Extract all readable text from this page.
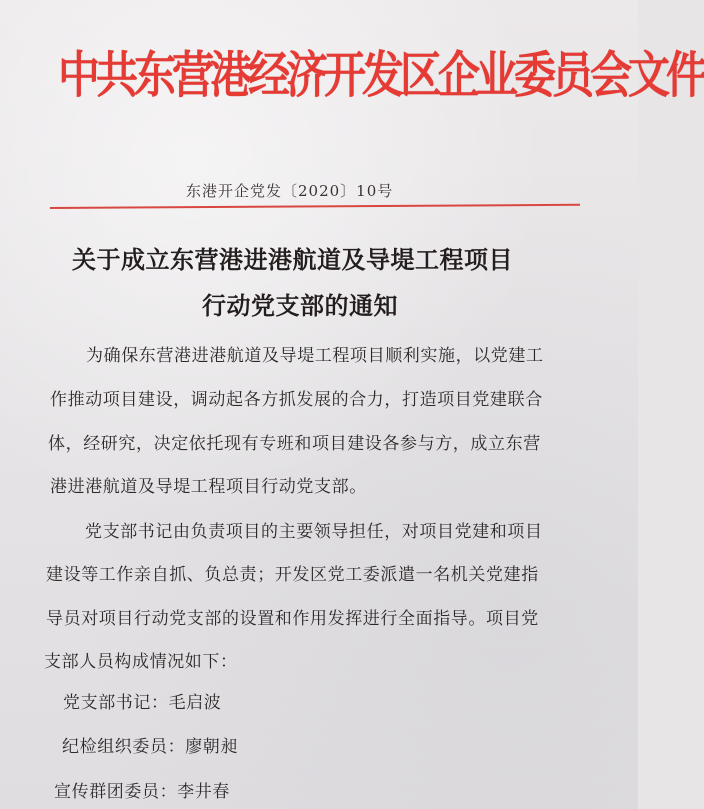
中共东营港经济开发区企业委员会文件
东港开企党发〔2020〕10号
关于成立东营港进港航道及导堤工程项目
行动党支部的通知
为确保东营港进港航道及导堤工程项目顺利实施，以党建工
作推动项目建设，调动起各方抓发展的合力，打造项目党建联合
体，经研究，决定依托现有专班和项目建设各参与方，成立东营
港进港航道及导堤工程项目行动党支部。
党支部书记由负责项目的主要领导担任，对项目党建和项目
建设等工作亲自抓、负总责；开发区党工委派遣一名机关党建指
导员对项目行动党支部的设置和作用发挥进行全面指导。项目党
支部人员构成情况如下：
党支部书记：毛启波
纪检组织委员：廖朝昶
宣传群团委员：李井春
